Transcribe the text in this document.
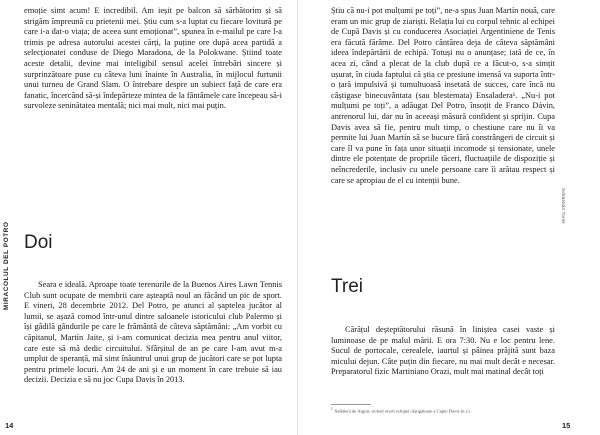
MIRACOLUL DEL POTRO

emoție simt acum! E incredibil. Am ieșit pe balcon să sărbătorim și să strigăm împreună cu prietenii mei. Știu cum s-a luptat cu fiecare lovitură pe care i-a dat-o viața; de aceea sunt emoționat”, spunea în e-mailul pe care l-a trimis pe adresa autorului acestei cărți, la puține ore după acea partidă a selecționatei conduse de Diego Maradona, de la Polokwane. Știind toate aceste detalii, devine mai inteligibil sensul acelei întrebări sincere și surprinzătoare puse cu câteva luni înainte în Australia, în mijlocul furtunii unui turneu de Grand Slam. O întrebare despre un subiect față de care era fanatic, încercând să-și îndepărteze mintea de la fântâmele care începeau să-i survoleze seninătatea mentală; nici mai mult, nici mai puțin.

Doi

Seara e ideală. Aproape toate terenurile de la Buenos Aires Lawn Tennis Club sunt ocupate de membrii care așteaptă noul an făcând un pic de sport. E vineri, 28 decembrie 2012. Del Potro, pe atunci al șaptelea jucător al lumii, se așază comod într-unul dintre saloanele istoricului club Palermo și își gâdilă gândurile pe care le frământă de câteva săptămâni: „Am vorbit cu căpitanul, Martín Jaite, și i-am comunicat decizia mea pentru anul viitor, care este să mă dedic circuitului. Sfârșitul de an pe care l-am avut m-a umplut de speranță, mă simt înăuntrul unui grup de jucători care se pot lupta pentru primele locuri. Am 24 de ani și e un moment în care trebuie să iau decizii. Decizia e să nu joc Cupa Davis în 2013.

14
Sebastián Torok

Știu că nu-i pot mulțumi pe toți”, ne-a spus Juan Martín nouă, care eram un mic grup de ziariști. Relația lui cu corpul tehnic al echipei de Cupă Davis și cu conducerea Asociației Argentiniene de Tenis era făcută fărâme. Del Potro cântărea deja de câteva săptămâni ideea îndepărtării de echipă. Totuși nu o anunțase; iată de ce, în acea zi, când a plecat de la club după ce a făcut-o, s-a simțit ușurat, în ciuda faptului că știa ce presiune imensă va suporta într-o țară impulsivă și tumultuoasă insetată de succes, care încă nu câștigase binecuvântata (sau blestemata) Ensaladera¹. „Nu-i pot mulțumi pe toți”, a adăugat Del Potro, însoțit de Franco Dávin, antrenorul lui, dar nu în aceeași măsură confident și sprijin. Cupa Davis avea să fie, pentru mult timp, o chestiune care nu îi va permite lui Juan Martín să se bucure fără constrângeri de circuit și care îl va pune în fața unor situații incomode și tensionate, unele dintre ele potențate de propriile tăceri, fluctuațiile de dispoziție și neîncrederile, inclusiv cu unele persoane care îi arătau respect și care se apropiau de el cu intenții bune.

Trei

Cărățul deșteptătorului răsună în liniștea casei vaste și luminoase de pe malul mării. E ora 7:30. Nu e loc pentru lene. Sucul de portocale, cerealele, iaurtul și pâinea prăjită sunt baza micului dejun. Câte puțin din fiecare, nu mai mult decât e necesar. Preparatorul fizic Martiniano Orazi, mult mai matinal decât toți

$^1$ Salătieră de Argint, trofeul oferit echipei câștigătoare a Cupei Davis (n.t.).
15
